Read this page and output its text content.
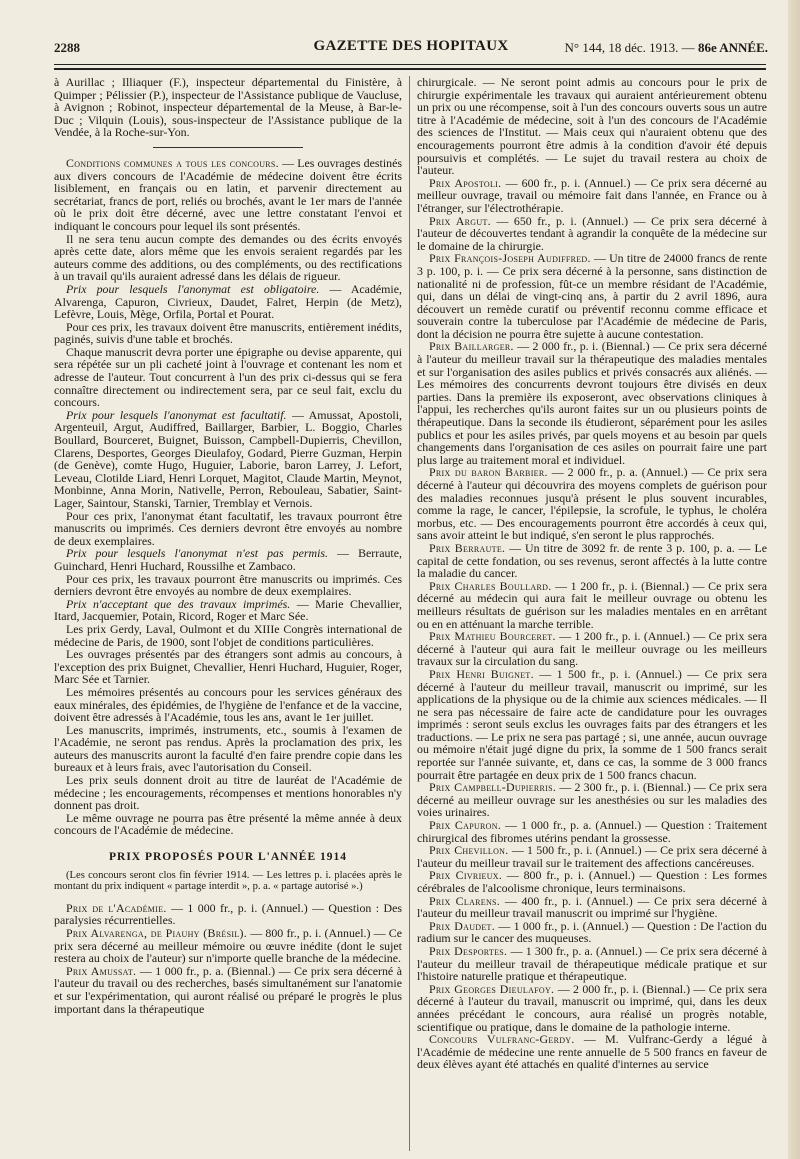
2288	GAZETTE DES HOPITAUX	N° 144, 18 déc. 1913. — 86e ANNÉE.

à Aurillac ; Illiaquer (F.), inspecteur départemental du Finistère, à Quimper ; Pélissier (P.), inspecteur de l'Assistance publique de Vaucluse, à Avignon ; Robinot, inspecteur départemental de la Meuse, à Bar-le-Duc ; Vilquin (Louis), sous-inspecteur de l'Assistance publique de la Vendée, à la Roche-sur-Yon.

Conditions communes a tous les concours. — Les ouvrages destinés aux divers concours de l'Académie de médecine doivent être écrits lisiblement, en français ou en latin, et parvenir directement au secrétariat, francs de port, reliés ou brochés, avant le 1er mars de l'année où le prix doit être décerné, avec une lettre constatant l'envoi et indiquant le concours pour lequel ils sont présentés.

Il ne sera tenu aucun compte des demandes ou des écrits envoyés après cette date, alors même que les envois seraient regardés par les auteurs comme des additions, ou des compléments, ou des rectifications à un travail qu'ils auraient adressé dans les délais de rigueur.

Prix pour lesquels l'anonymat est obligatoire. — Académie, Alvarenga, Capuron, Civrieux, Daudet, Falret, Herpin (de Metz), Lefèvre, Louis, Mège, Orfila, Portal et Pourat.

Pour ces prix, les travaux doivent être manuscrits, entièrement inédits, paginés, suivis d'une table et brochés.

Chaque manuscrit devra porter une épigraphe ou devise apparente, qui sera répétée sur un pli cacheté joint à l'ouvrage et contenant les nom et adresse de l'auteur. Tout concurrent à l'un des prix ci-dessus qui se fera connaître directement ou indirectement sera, par ce seul fait, exclu du concours.

Prix pour lesquels l'anonymat est facultatif. — Amussat, Apostoli, Argenteuil, Argut, Audiffred, Baillarger, Barbier, L. Boggio, Charles Boullard, Bourceret, Buignet, Buisson, Campbell-Dupierris, Chevillon, Clarens, Desportes, Georges Dieulafoy, Godard, Pierre Guzman, Herpin (de Genève), comte Hugo, Huguier, Laborie, baron Larrey, J. Lefort, Leveau, Clotilde Liard, Henri Lorquet, Magitot, Claude Martin, Meynot, Monbinne, Anna Morin, Nativelle, Perron, Rebouleau, Sabatier, Saint-Lager, Saintour, Stanski, Tarnier, Tremblay et Vernois.

Pour ces prix, l'anonymat étant facultatif, les travaux pourront être manuscrits ou imprimés. Ces derniers devront être envoyés au nombre de deux exemplaires.

Prix pour lesquels l'anonymat n'est pas permis. — Berraute, Guinchard, Henri Huchard, Roussilhe et Zambaco.

Pour ces prix, les travaux pourront être manuscrits ou imprimés. Ces derniers devront être envoyés au nombre de deux exemplaires.

Prix n'acceptant que des travaux imprimés. — Marie Chevallier, Itard, Jacquemier, Potain, Ricord, Roger et Marc Sée.

Les prix Gerdy, Laval, Oulmont et du XIIIe Congrès international de médecine de Paris, de 1900, sont l'objet de conditions particulières.

Les ouvrages présentés par des étrangers sont admis au concours, à l'exception des prix Buignet, Chevallier, Henri Huchard, Huguier, Roger, Marc Sée et Tarnier.

Les mémoires présentés au concours pour les services généraux des eaux minérales, des épidémies, de l'hygiène de l'enfance et de la vaccine, doivent être adressés à l'Académie, tous les ans, avant le 1er juillet.

Les manuscrits, imprimés, instruments, etc., soumis à l'examen de l'Académie, ne seront pas rendus. Après la proclamation des prix, les auteurs des manuscrits auront la faculté d'en faire prendre copie dans les bureaux et à leurs frais, avec l'autorisation du Conseil.

Les prix seuls donnent droit au titre de lauréat de l'Académie de médecine ; les encouragements, récompenses et mentions honorables n'y donnent pas droit.

Le même ouvrage ne pourra pas être présenté la même année à deux concours de l'Académie de médecine.

PRIX PROPOSÉS POUR L'ANNÉE 1914

(Les concours seront clos fin février 1914. — Les lettres p. i. placées après le montant du prix indiquent « partage interdit », p. a. « partage autorisé ».)

Prix de l'Académie. — 1 000 fr., p. i. (Annuel.) — Question : Des paralysies récurrentielles.

Prix Alvarenga, de Piauhy (Brésil). — 800 fr., p. i. (Annuel.) — Ce prix sera décerné au meilleur mémoire ou œuvre inédite (dont le sujet restera au choix de l'auteur) sur n'importe quelle branche de la médecine.

Prix Amussat. — 1 000 fr., p. a. (Biennal.) — Ce prix sera décerné à l'auteur du travail ou des recherches, basés simultanément sur l'anatomie et sur l'expérimentation, qui auront réalisé ou préparé le progrès le plus important dans la thérapeutique

chirurgicale. — Ne seront point admis au concours pour le prix de chirurgie expérimentale les travaux qui auraient antérieurement obtenu un prix ou une récompense, soit à l'un des concours ouverts sous un autre titre à l'Académie de médecine, soit à l'un des concours de l'Académie des sciences de l'Institut. — Mais ceux qui n'auraient obtenu que des encouragements pourront être admis à la condition d'avoir été depuis poursuivis et complétés. — Le sujet du travail restera au choix de l'auteur.

Prix Apostoli. — 600 fr., p. i. (Annuel.) — Ce prix sera décerné au meilleur ouvrage, travail ou mémoire fait dans l'année, en France ou à l'étranger, sur l'électrothérapie.

Prix Argut. — 650 fr., p. i. (Annuel.) — Ce prix sera décerné à l'auteur de découvertes tendant à agrandir la conquête de la médecine sur le domaine de la chirurgie.

Prix François-Joseph Audiffred. — Un titre de 24000 francs de rente 3 p. 100, p. i. — Ce prix sera décerné à la personne, sans distinction de nationalité ni de profession, fût-ce un membre résidant de l'Académie, qui, dans un délai de vingt-cinq ans, à partir du 2 avril 1896, aura découvert un remède curatif ou préventif reconnu comme efficace et souverain contre la tuberculose par l'Académie de médecine de Paris, dont la décision ne pourra être sujette à aucune contestation.

Prix Baillarger. — 2 000 fr., p. i. (Biennal.) — Ce prix sera décerné à l'auteur du meilleur travail sur la thérapeutique des maladies mentales et sur l'organisation des asiles publics et privés consacrés aux aliénés. — Les mémoires des concurrents devront toujours être divisés en deux parties. Dans la première ils exposeront, avec observations cliniques à l'appui, les recherches qu'ils auront faites sur un ou plusieurs points de thérapeutique. Dans la seconde ils étudieront, séparément pour les asiles publics et pour les asiles privés, par quels moyens et au besoin par quels changements dans l'organisation de ces asiles on pourrait faire une part plus large au traitement moral et individuel.

Prix du baron Barbier. — 2 000 fr., p. a. (Annuel.) — Ce prix sera décerné à l'auteur qui découvrira des moyens complets de guérison pour des maladies reconnues jusqu'à présent le plus souvent incurables, comme la rage, le cancer, l'épilepsie, la scrofule, le typhus, le choléra morbus, etc. — Des encouragements pourront être accordés à ceux qui, sans avoir atteint le but indiqué, s'en seront le plus rapprochés.

Prix Berraute. — Un titre de 3092 fr. de rente 3 p. 100, p. a. — Le capital de cette fondation, ou ses revenus, seront affectés à la lutte contre la maladie du cancer.

Prix Charles Boullard. — 1 200 fr., p. i. (Biennal.) — Ce prix sera décerné au médecin qui aura fait le meilleur ouvrage ou obtenu les meilleurs résultats de guérison sur les maladies mentales en en arrêtant ou en en atténuant la marche terrible.

Prix Mathieu Bourceret. — 1 200 fr., p. i. (Annuel.) — Ce prix sera décerné à l'auteur qui aura fait le meilleur ouvrage ou les meilleurs travaux sur la circulation du sang.

Prix Henri Buignet. — 1 500 fr., p. i. (Annuel.) — Ce prix sera décerné à l'auteur du meilleur travail, manuscrit ou imprimé, sur les applications de la physique ou de la chimie aux sciences médicales. — Il ne sera pas nécessaire de faire acte de candidature pour les ouvrages imprimés : seront seuls exclus les ouvrages faits par des étrangers et les traductions. — Le prix ne sera pas partagé ; si, une année, aucun ouvrage ou mémoire n'était jugé digne du prix, la somme de 1 500 francs serait reportée sur l'année suivante, et, dans ce cas, la somme de 3 000 francs pourrait être partagée en deux prix de 1 500 francs chacun.

Prix Campbell-Dupierris. — 2 300 fr., p. i. (Biennal.) — Ce prix sera décerné au meilleur ouvrage sur les anesthésies ou sur les maladies des voies urinaires.

Prix Capuron. — 1 000 fr., p. a. (Annuel.) — Question : Traitement chirurgical des fibromes utérins pendant la grossesse.

Prix Chevillon. — 1 500 fr., p. i. (Annuel.) — Ce prix sera décerné à l'auteur du meilleur travail sur le traitement des affections cancéreuses.

Prix Civrieux. — 800 fr., p. i. (Annuel.) — Question : Les formes cérébrales de l'alcoolisme chronique, leurs terminaisons.

Prix Clarens. — 400 fr., p. i. (Annuel.) — Ce prix sera décerné à l'auteur du meilleur travail manuscrit ou imprimé sur l'hygiène.

Prix Daudet. — 1 000 fr., p. i. (Annuel.) — Question : De l'action du radium sur le cancer des muqueuses.

Prix Desportes. — 1 300 fr., p. a. (Annuel.) — Ce prix sera décerné à l'auteur du meilleur travail de thérapeutique médicale pratique et sur l'histoire naturelle pratique et thérapeutique.

Prix Georges Dieulafoy. — 2 000 fr., p. i. (Biennal.) — Ce prix sera décerné à l'auteur du travail, manuscrit ou imprimé, qui, dans les deux années précédant le concours, aura réalisé un progrès notable, scientifique ou pratique, dans le domaine de la pathologie interne.

Concours Vulfranc-Gerdy. — M. Vulfranc-Gerdy a légué à l'Académie de médecine une rente annuelle de 5 500 francs en faveur de deux élèves ayant été attachés en qualité d'internes au service
